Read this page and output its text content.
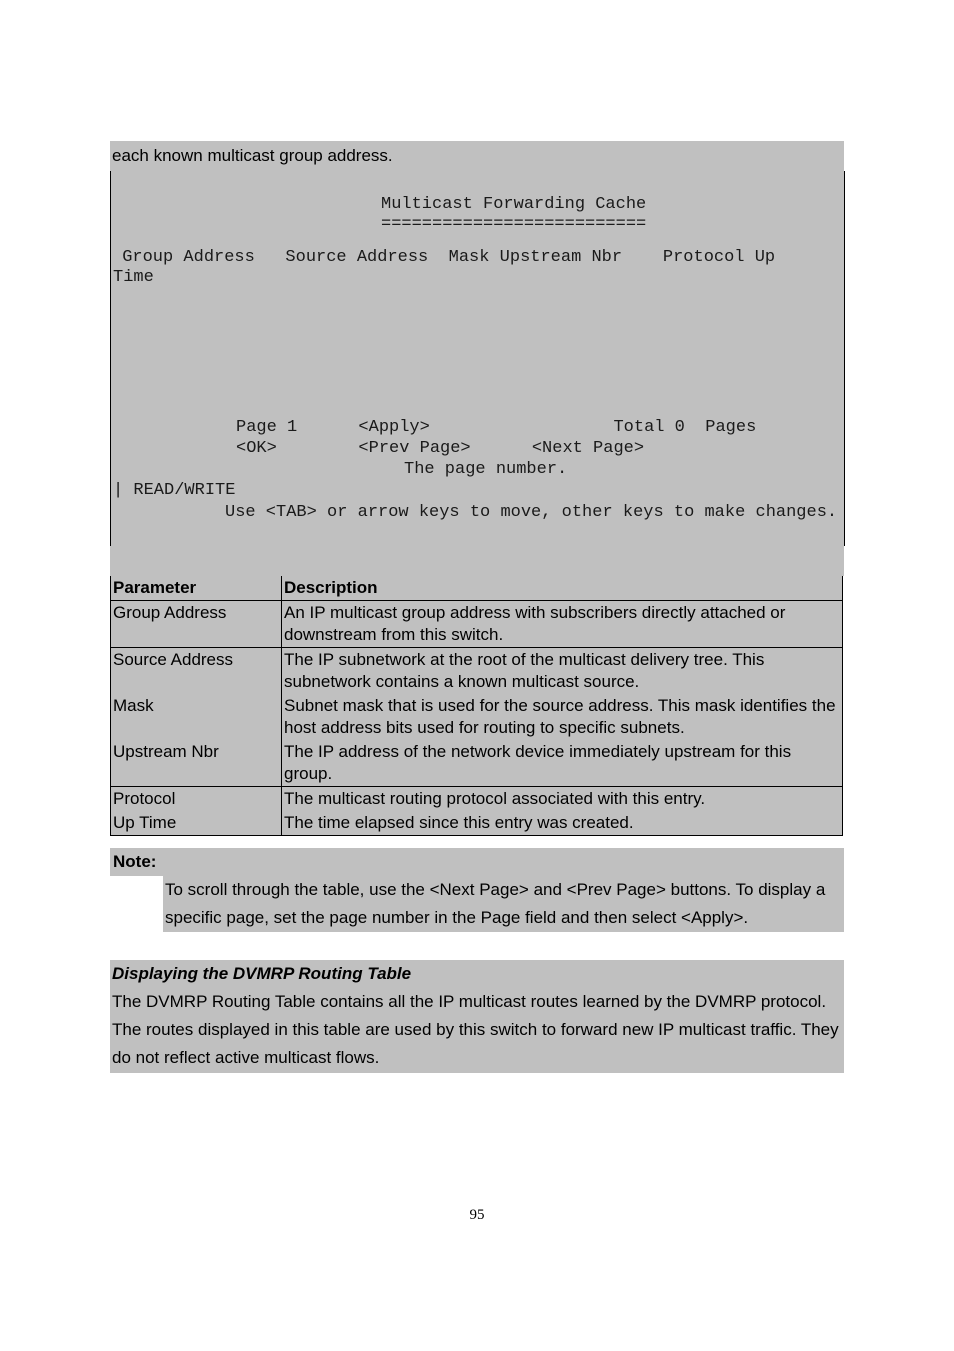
each known multicast group address.
Multicast Forwarding Cache
==========================
Group Address   Source Address  Mask Upstream Nbr    Protocol Up
Time
Page 1      <Apply>                  Total 0  Pages
<OK>        <Prev Page>      <Next Page>
The page number.
| READ/WRITE
Use <TAB> or arrow keys to move, other keys to make changes.
Parameter	Description
Group Address	An IP multicast group address with subscribers directly attached or downstream from this switch.
Source Address	The IP subnetwork at the root of the multicast delivery tree. This subnetwork contains a known multicast source.
Mask	Subnet mask that is used for the source address. This mask identifies the host address bits used for routing to specific subnets.
Upstream Nbr	The IP address of the network device immediately upstream for this group.
Protocol	The multicast routing protocol associated with this entry.
Up Time	The time elapsed since this entry was created.
Note:
To scroll through the table, use the <Next Page> and <Prev Page> buttons. To display a specific page, set the page number in the Page field and then select <Apply>.
Displaying the DVMRP Routing Table
The DVMRP Routing Table contains all the IP multicast routes learned by the DVMRP protocol. The routes displayed in this table are used by this switch to forward new IP multicast traffic. They do not reflect active multicast flows.
95
